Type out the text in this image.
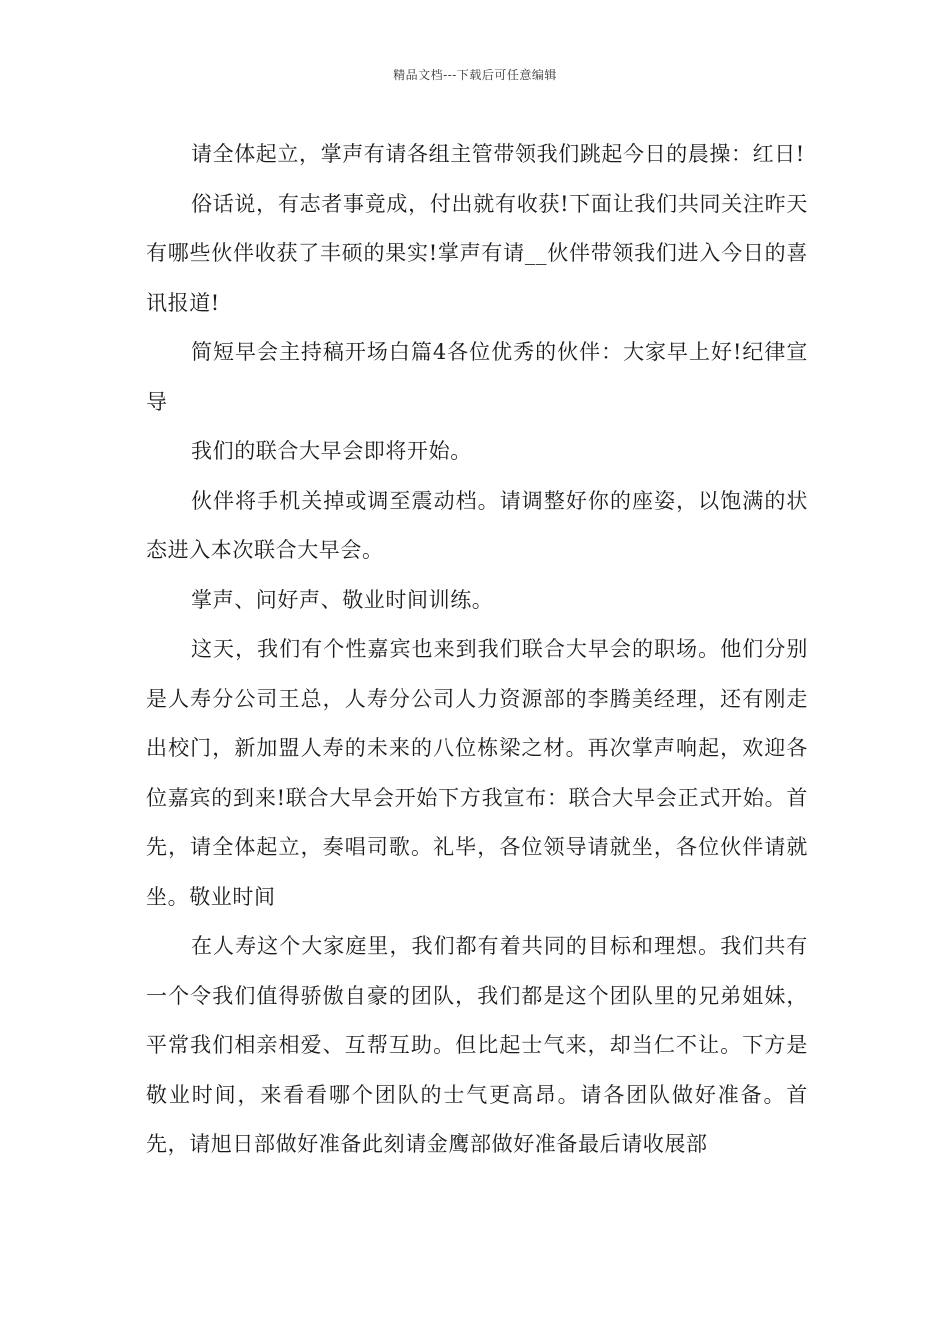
精品文档---下载后可任意编辑

请全体起立，掌声有请各组主管带领我们跳起今日的晨操：红日!

俗话说，有志者事竟成，付出就有收获!下面让我们共同关注昨天有哪些伙伴收获了丰硕的果实!掌声有请__伙伴带领我们进入今日的喜讯报道!

简短早会主持稿开场白篇4各位优秀的伙伴：大家早上好!纪律宣导

我们的联合大早会即将开始。

伙伴将手机关掉或调至震动档。请调整好你的座姿，以饱满的状态进入本次联合大早会。

掌声、问好声、敬业时间训练。

这天，我们有个性嘉宾也来到我们联合大早会的职场。他们分别是人寿分公司王总，人寿分公司人力资源部的李腾美经理，还有刚走出校门，新加盟人寿的未来的八位栋梁之材。再次掌声响起，欢迎各位嘉宾的到来!联合大早会开始下方我宣布：联合大早会正式开始。首先，请全体起立，奏唱司歌。礼毕，各位领导请就坐，各位伙伴请就坐。敬业时间

在人寿这个大家庭里，我们都有着共同的目标和理想。我们共有一个令我们值得骄傲自豪的团队，我们都是这个团队里的兄弟姐妹，平常我们相亲相爱、互帮互助。但比起士气来，却当仁不让。下方是敬业时间，来看看哪个团队的士气更高昂。请各团队做好准备。首先，请旭日部做好准备此刻请金鹰部做好准备最后请收展部
